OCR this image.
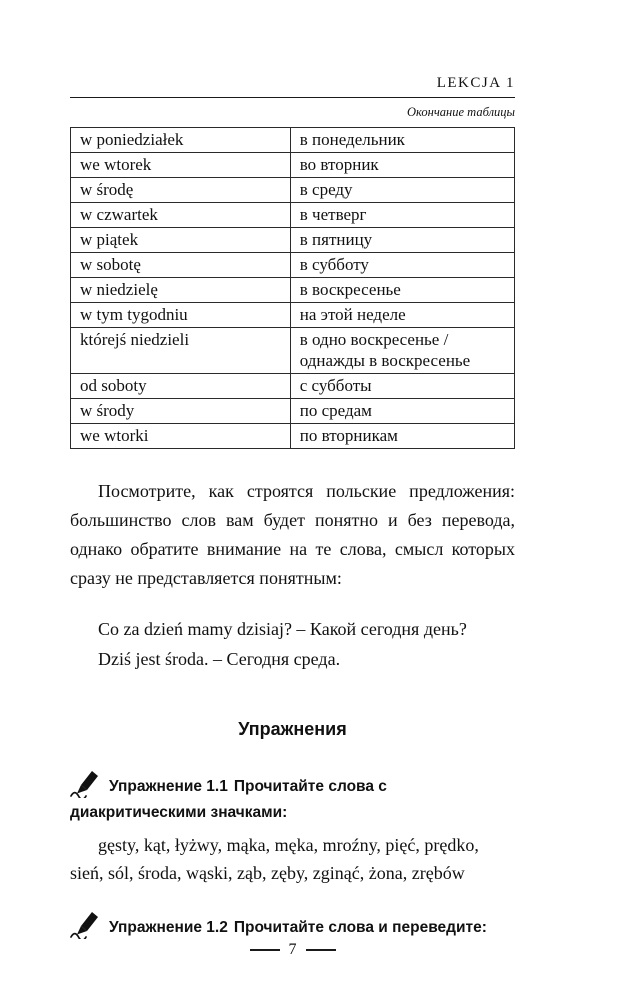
LEKCJA 1
Окончание таблицы
w poniedziałek	в понедельник
we wtorek	во вторник
w środę	в среду
w czwartek	в четверг
w piątek	в пятницу
w sobotę	в субботу
w niedzielę	в воскресенье
w tym tygodniu	на этой неделе
którejś niedzieli	в одно воскресенье / однажды в воскресенье
od soboty	с субботы
w środy	по средам
we wtorki	по вторникам

Посмотрите, как строятся польские предложения: большинство слов вам будет понятно и без перевода, однако обратите внимание на те слова, смысл которых сразу не представляется понятным:

Co za dzień mamy dzisiaj? – Какой сегодня день?
Dziś jest środa. – Сегодня среда.
Упражнения
Упражнение 1.1 Прочитайте слова с диакритическими значками:

gęsty, kąt, łyżwy, mąka, męka, mroźny, pięć, prędko, sień, sól, środa, wąski, ząb, zęby, zginąć, żona, zrębów

Упражнение 1.2 Прочитайте слова и переведите:
7
